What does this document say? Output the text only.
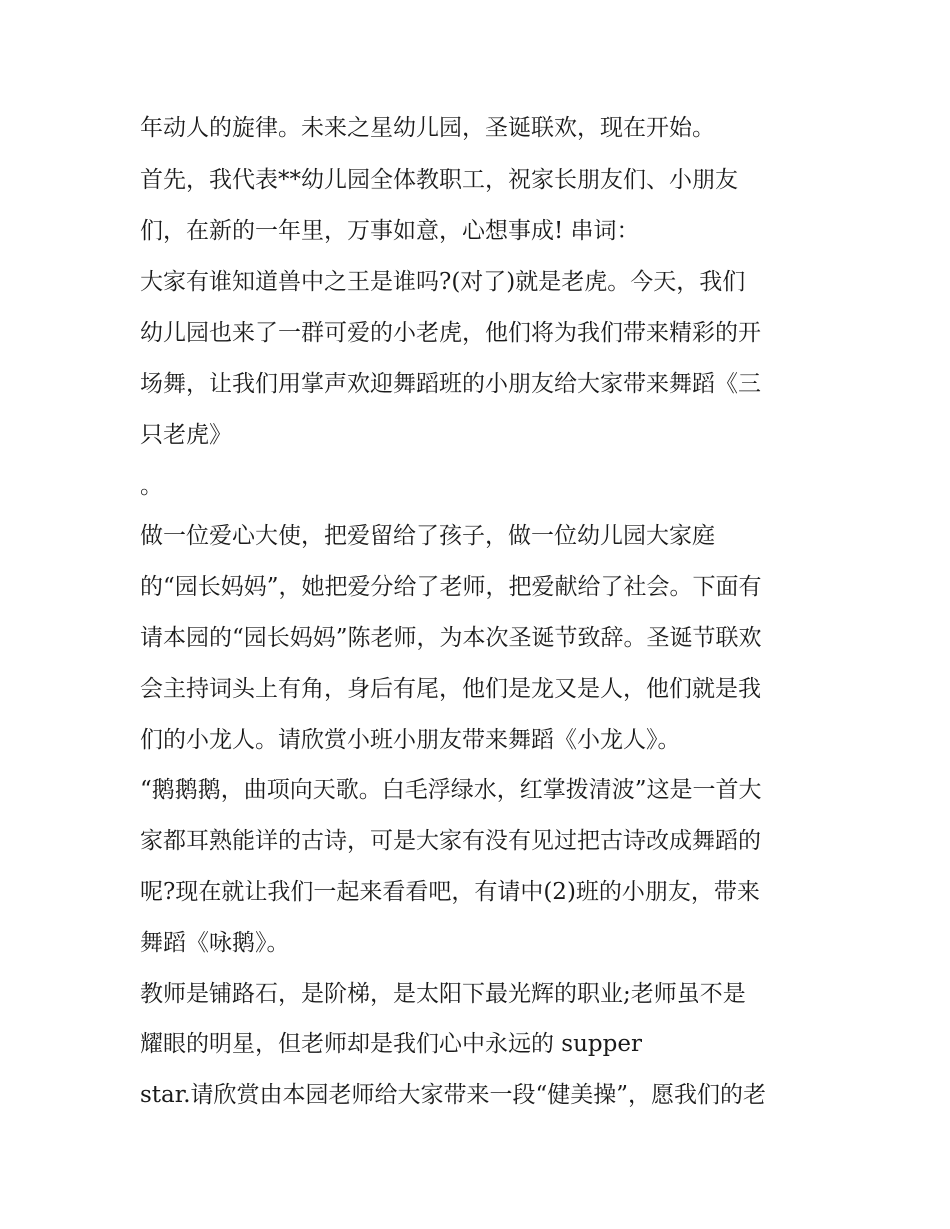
年动人的旋律。未来之星幼儿园，圣诞联欢，现在开始。
首先，我代表**幼儿园全体教职工，祝家长朋友们、小朋友
们，在新的一年里，万事如意，心想事成! 串词：
大家有谁知道兽中之王是谁吗?(对了)就是老虎。今天，我们
幼儿园也来了一群可爱的小老虎，他们将为我们带来精彩的开
场舞，让我们用掌声欢迎舞蹈班的小朋友给大家带来舞蹈《三
只老虎》
。
做一位爱心大使，把爱留给了孩子，做一位幼儿园大家庭
的“园长妈妈”，她把爱分给了老师，把爱献给了社会。下面有
请本园的“园长妈妈”陈老师，为本次圣诞节致辞。圣诞节联欢
会主持词头上有角，身后有尾，他们是龙又是人，他们就是我
们的小龙人。请欣赏小班小朋友带来舞蹈《小龙人》。
“鹅鹅鹅，曲项向天歌。白毛浮绿水，红掌拨清波”这是一首大
家都耳熟能详的古诗，可是大家有没有见过把古诗改成舞蹈的
呢?现在就让我们一起来看看吧，有请中(2)班的小朋友，带来
舞蹈《咏鹅》。
教师是铺路石，是阶梯，是太阳下最光辉的职业;老师虽不是
耀眼的明星，但老师却是我们心中永远的 supper
star.请欣赏由本园老师给大家带来一段“健美操”，愿我们的老
